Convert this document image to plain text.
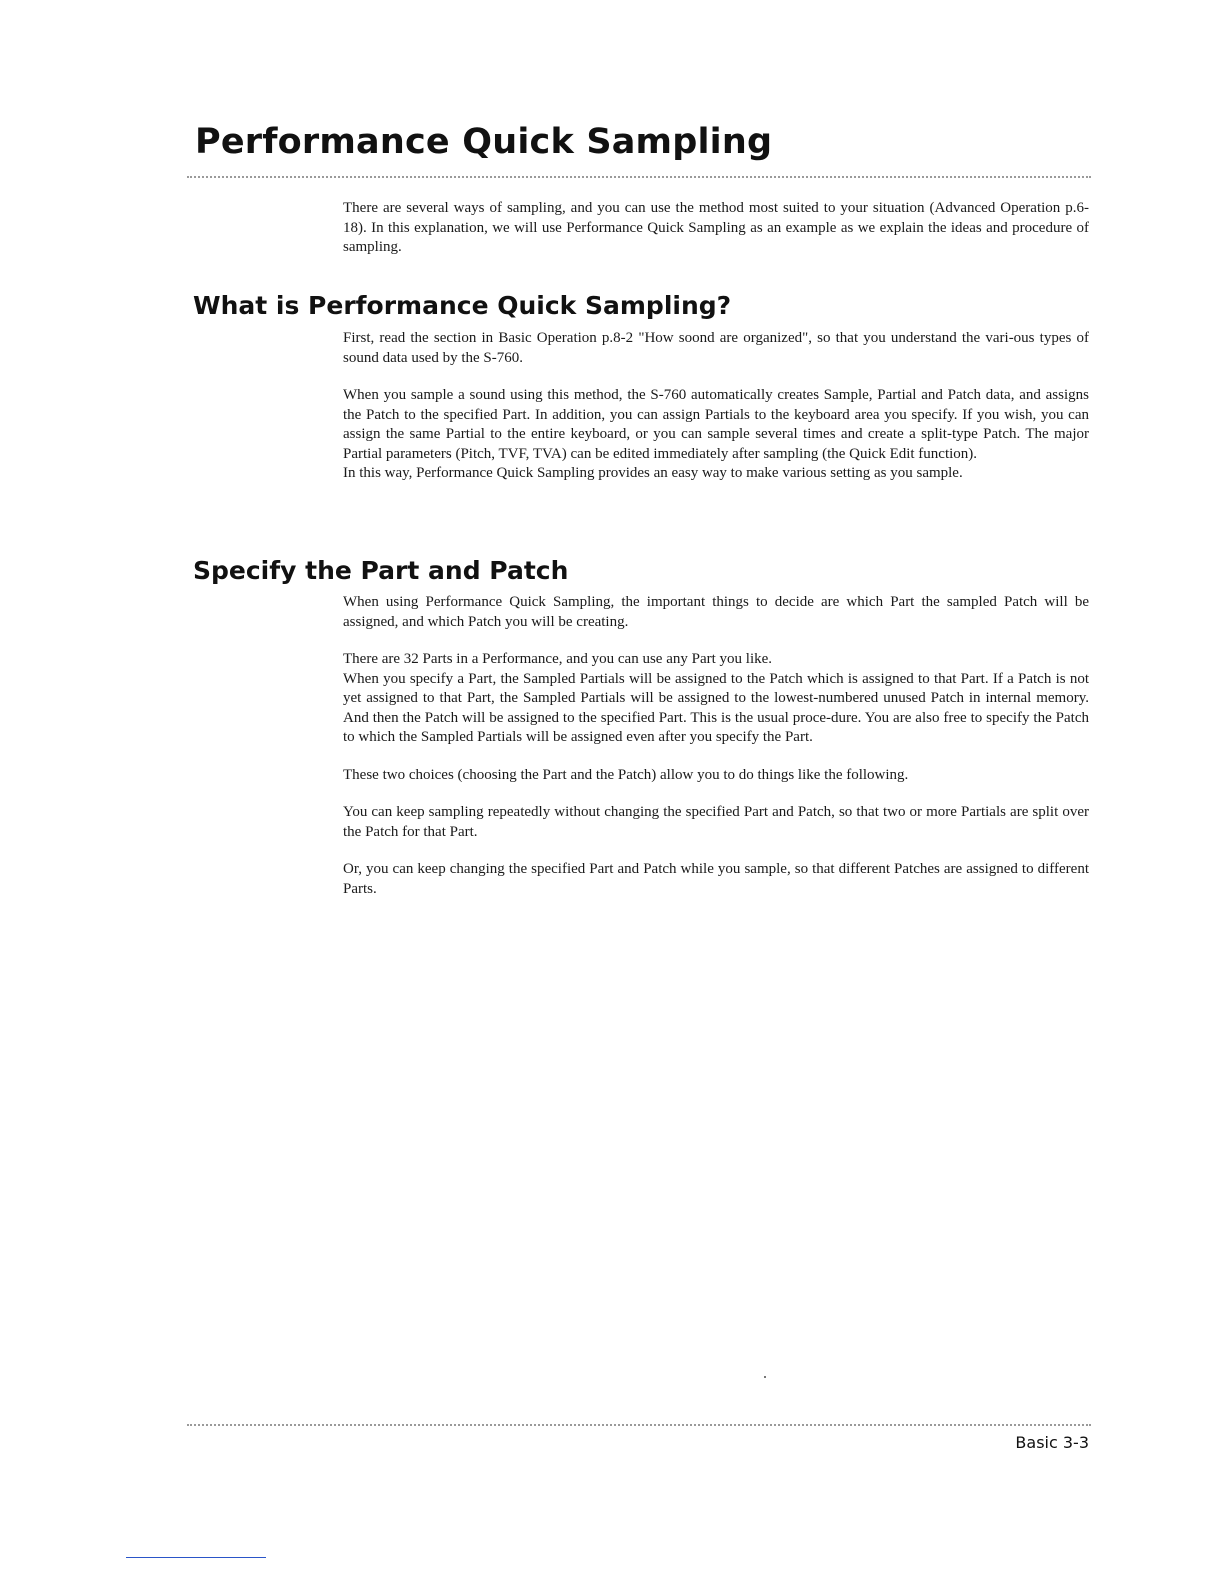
Performance Quick Sampling

There are several ways of sampling, and you can use the method most suited to your situation (Advanced Operation p.6-18). In this explanation, we will use Performance Quick Sampling as an example as we explain the ideas and procedure of sampling.

What is Performance Quick Sampling?

First, read the section in Basic Operation p.8-2 "How soond are organized", so that you understand the vari-ous types of sound data used by the S-760.

When you sample a sound using this method, the S-760 automatically creates Sample, Partial and Patch data, and assigns the Patch to the specified Part. In addition, you can assign Partials to the keyboard area you specify. If you wish, you can assign the same Partial to the entire keyboard, or you can sample several times and create a split-type Patch. The major Partial parameters (Pitch, TVF, TVA) can be edited immediately after sampling (the Quick Edit function).

In this way, Performance Quick Sampling provides an easy way to make various setting as you sample.

Specify the Part and Patch

When using Performance Quick Sampling, the important things to decide are which Part the sampled Patch will be assigned, and which Patch you will be creating.

There are 32 Parts in a Performance, and you can use any Part you like.

When you specify a Part, the Sampled Partials will be assigned to the Patch which is assigned to that Part. If a Patch is not yet assigned to that Part, the Sampled Partials will be assigned to the lowest-numbered unused Patch in internal memory. And then the Patch will be assigned to the specified Part. This is the usual proce-dure. You are also free to specify the Patch to which the Sampled Partials will be assigned even after you specify the Part.

These two choices (choosing the Part and the Patch) allow you to do things like the following.

You can keep sampling repeatedly without changing the specified Part and Patch, so that two or more Partials are split over the Patch for that Part.

Or, you can keep changing the specified Part and Patch while you sample, so that different Patches are assigned to different Parts.

Basic 3-3
